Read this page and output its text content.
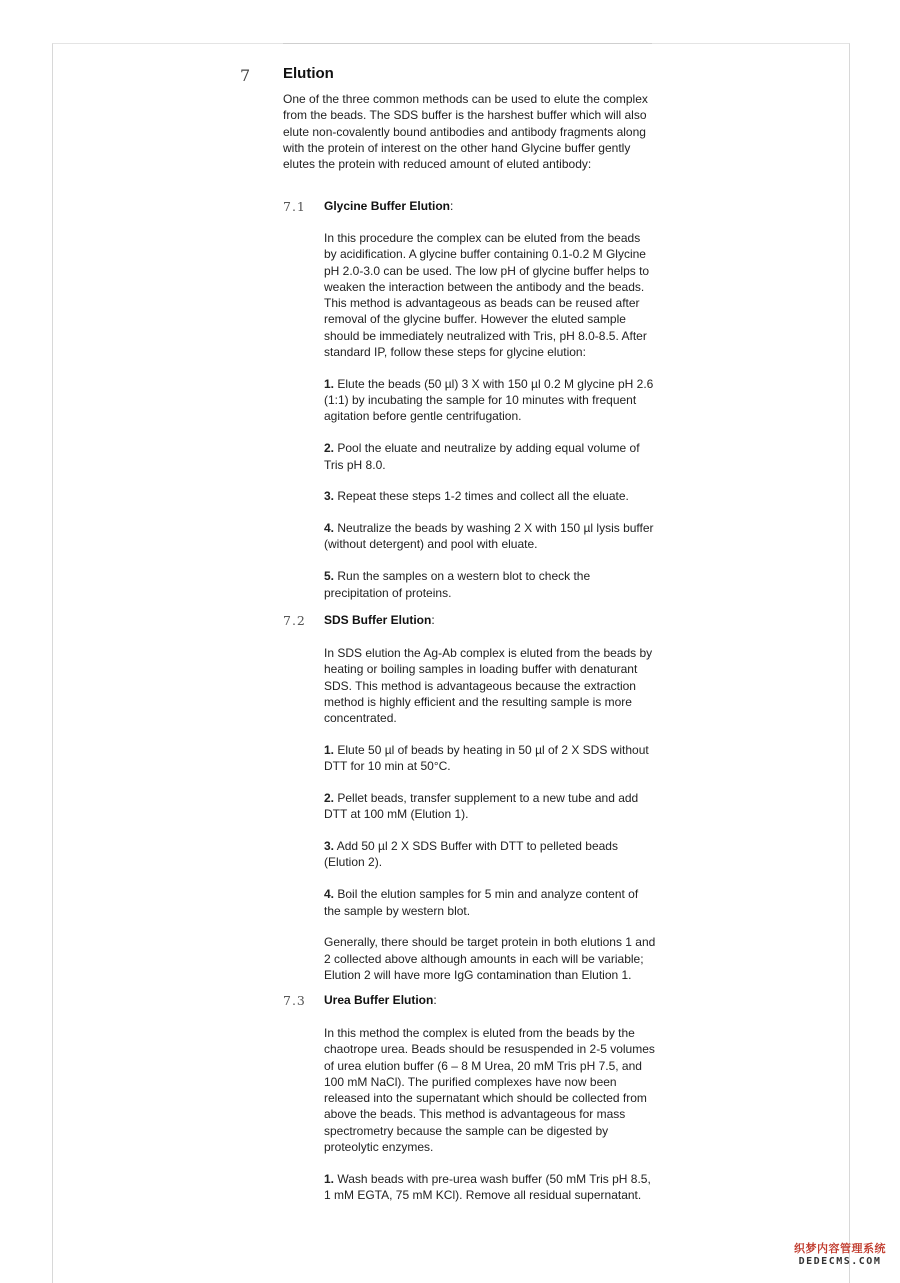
7 Elution
One of the three common methods can be used to elute the complex from the beads. The SDS buffer is the harshest buffer which will also elute non-covalently bound antibodies and antibody fragments along with the protein of interest on the other hand Glycine buffer gently elutes the protein with reduced amount of eluted antibody:
7.1 Glycine Buffer Elution:

In this procedure the complex can be eluted from the beads by acidification. A glycine buffer containing 0.1-0.2 M Glycine pH 2.0-3.0 can be used. The low pH of glycine buffer helps to weaken the interaction between the antibody and the beads. This method is advantageous as beads can be reused after removal of the glycine buffer. However the eluted sample should be immediately neutralized with Tris, pH 8.0-8.5. After standard IP, follow these steps for glycine elution:

1. Elute the beads (50 µl) 3 X with 150 µl 0.2 M glycine pH 2.6 (1:1) by incubating the sample for 10 minutes with frequent agitation before gentle centrifugation.

2. Pool the eluate and neutralize by adding equal volume of Tris pH 8.0.

3. Repeat these steps 1-2 times and collect all the eluate.

4. Neutralize the beads by washing 2 X with 150 µl lysis buffer (without detergent) and pool with eluate.

5. Run the samples on a western blot to check the precipitation of proteins.

7.2 SDS Buffer Elution:

In SDS elution the Ag-Ab complex is eluted from the beads by heating or boiling samples in loading buffer with denaturant SDS. This method is advantageous because the extraction method is highly efficient and the resulting sample is more concentrated.

1. Elute 50 µl of beads by heating in 50 µl of 2 X SDS without DTT for 10 min at 50°C.

2. Pellet beads, transfer supplement to a new tube and add DTT at 100 mM (Elution 1).

3. Add 50 µl 2 X SDS Buffer with DTT to pelleted beads (Elution 2).

4. Boil the elution samples for 5 min and analyze content of the sample by western blot.

Generally, there should be target protein in both elutions 1 and 2 collected above although amounts in each will be variable; Elution 2 will have more IgG contamination than Elution 1.

7.3 Urea Buffer Elution:

In this method the complex is eluted from the beads by the chaotrope urea. Beads should be resuspended in 2-5 volumes of urea elution buffer (6 – 8 M Urea, 20 mM Tris pH 7.5, and 100 mM NaCl). The purified complexes have now been released into the supernatant which should be collected from above the beads. This method is advantageous for mass spectrometry because the sample can be digested by proteolytic enzymes.

1. Wash beads with pre-urea wash buffer (50 mM Tris pH 8.5, 1 mM EGTA, 75 mM KCl). Remove all residual supernatant.

织梦内容管理系统
DEDECMS.COM
